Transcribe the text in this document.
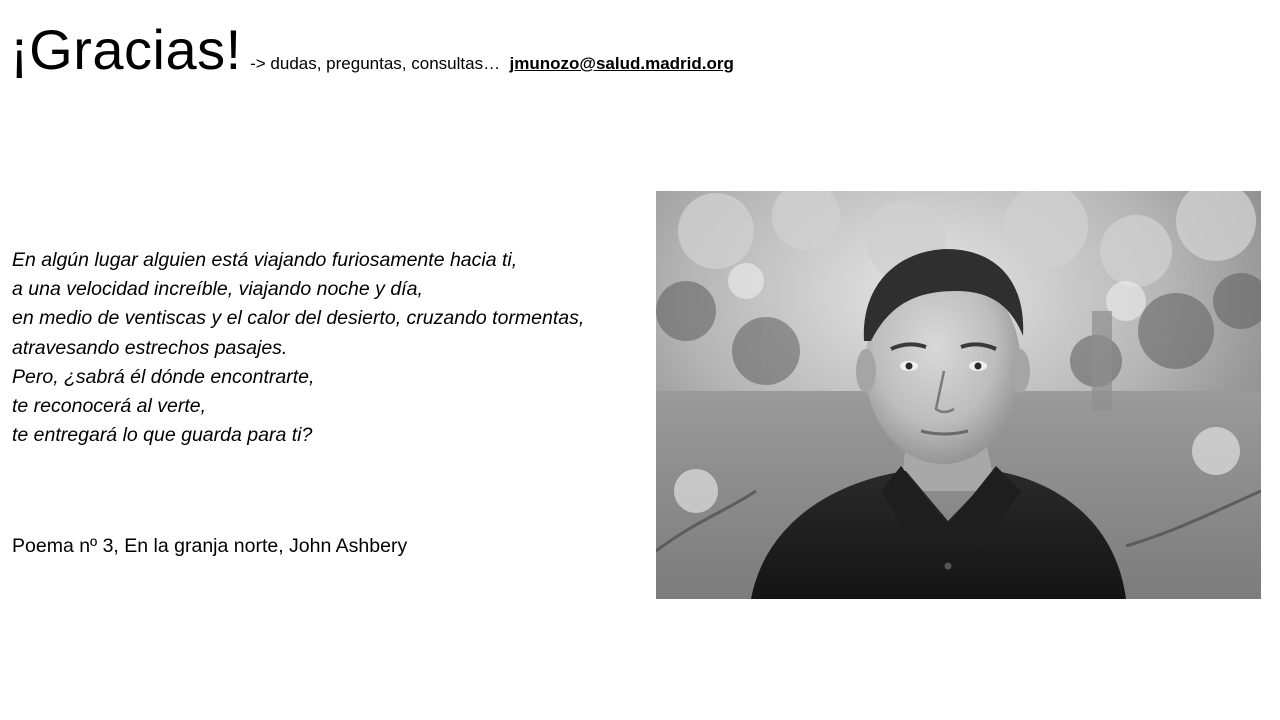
¡Gracias! -> dudas, preguntas, consultas… jmunozo@salud.madrid.org
En algún lugar alguien está viajando furiosamente hacia ti,
a una velocidad increíble, viajando noche y día,
en medio de ventiscas y el calor del desierto, cruzando tormentas,
atravesando estrechos pasajes.
Pero, ¿sabrá él dónde encontrarte,
te reconocerá al verte,
te entregará lo que guarda para ti?
Poema nº 3, En la granja norte, John Ashbery
